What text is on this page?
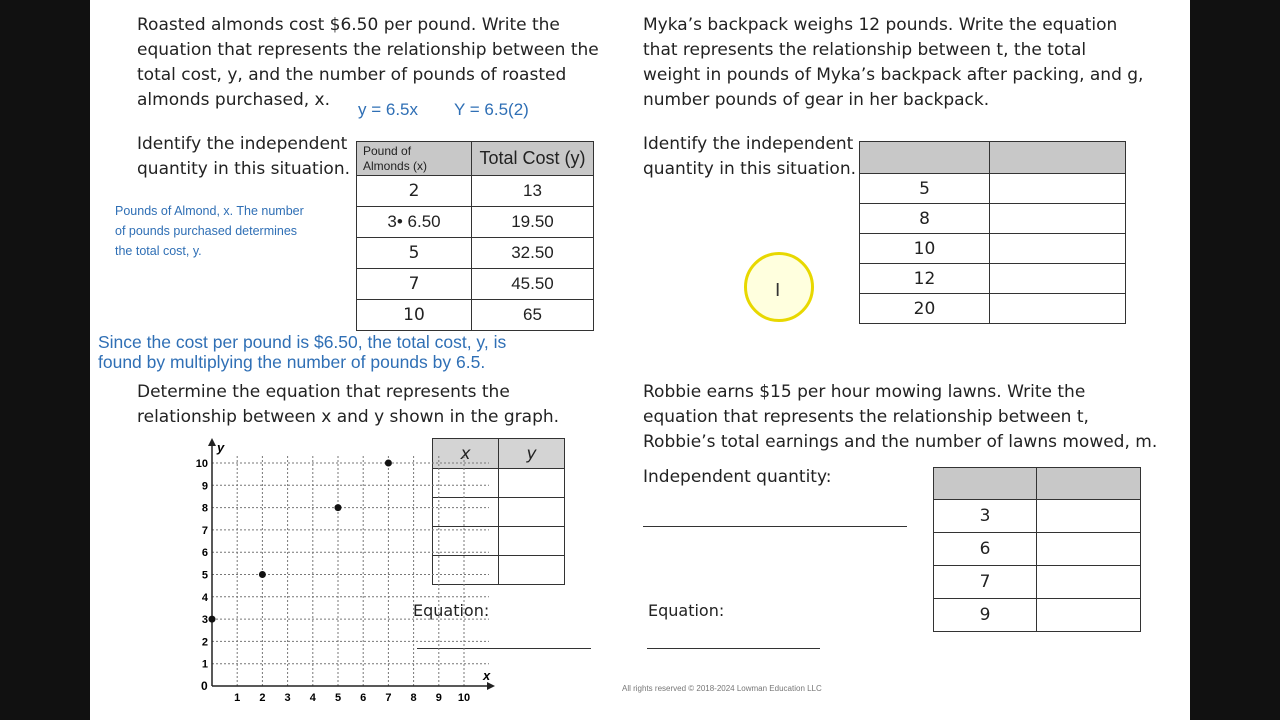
Roasted almonds cost $6.50 per pound. Write the

equation that represents the relationship between the

total cost, y, and the number of pounds of roasted

almonds purchased, x.	y = 6.5x Y = 6.5(2)

Identify the independent

quantity in this situation.

Pounds of Almond, x. The number
of pounds purchased determines
the total cost, y.
Pound of
Almonds (x)	Total Cost (y)
2	13
3• 6.50	19.50
5	32.50
7	45.50
10	65
Since the cost per pound is $6.50, the total cost, y, is
found by multiplying the number of pounds by 6.5.

Myka’s backpack weighs 12 pounds. Write the equation

that represents the relationship between t, the total

weight in pounds of Myka’s backpack after packing, and g,

number pounds of gear in her backpack.

Identify the independent

quantity in this situation.

5	
8	
10	
12	
20	

Determine the equation that represents the

relationship between x and y shown in the graph.

x	y

Equation:
1 2 3 4 5 6 7 8 9 10
1
2
3
4
5
6
7
8
9
10
0
x
y

Robbie earns $15 per hour mowing lawns. Write the

equation that represents the relationship between t,

Robbie’s total earnings and the number of lawns mowed, m.

Independent quantity:

3	
6	
7	
9	
Equation:
All rights reserved © 2018-2024 Lowman Education LLC
I
